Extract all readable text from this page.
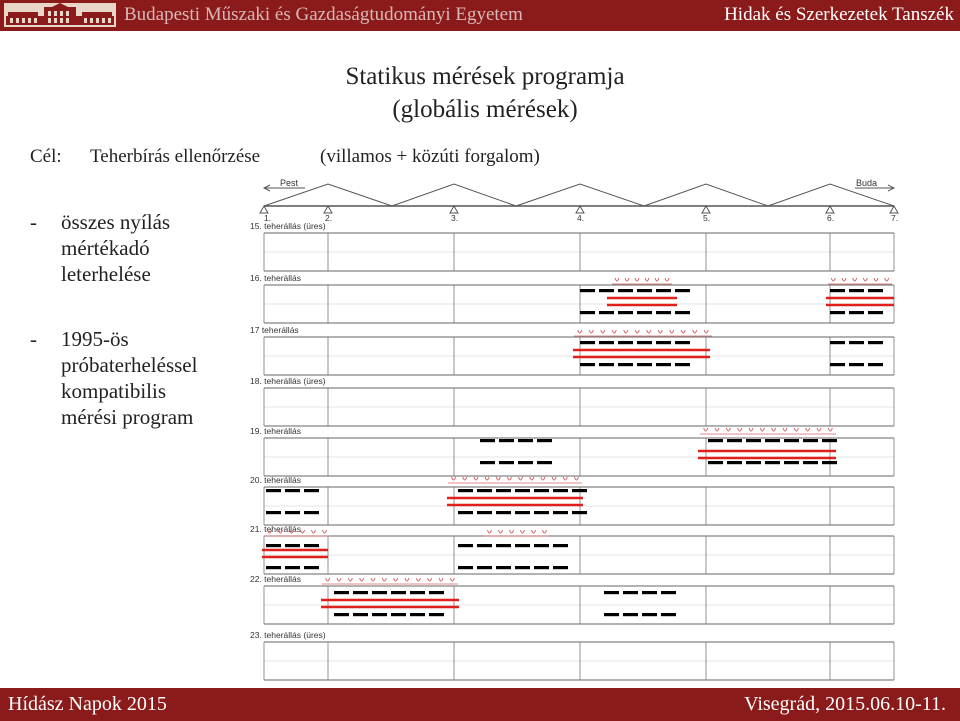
Budapesti Műszaki és Gazdaságtudományi Egyetem	Hidak és Szerkezetek Tanszék
Statikus mérések programja
(globális mérések)
Cél: Teherbírás ellenőrzése	(villamos + közúti forgalom)
- összes nyílás
mértékadó
leterhelése
- 1995-ös
próbaterheléssel
kompatibilis
mérési program
Pest	Buda
1.	2.	3.	4.	5.	6.	7.
15. teherállás (üres)
16. teherállás
17 teherállás
18. teherállás (üres)
19. teherállás
20. teherállás
21. teherállás
22. teherállás
23. teherállás (üres)
Hídász Napok 2015	Visegrád, 2015.06.10-11.
